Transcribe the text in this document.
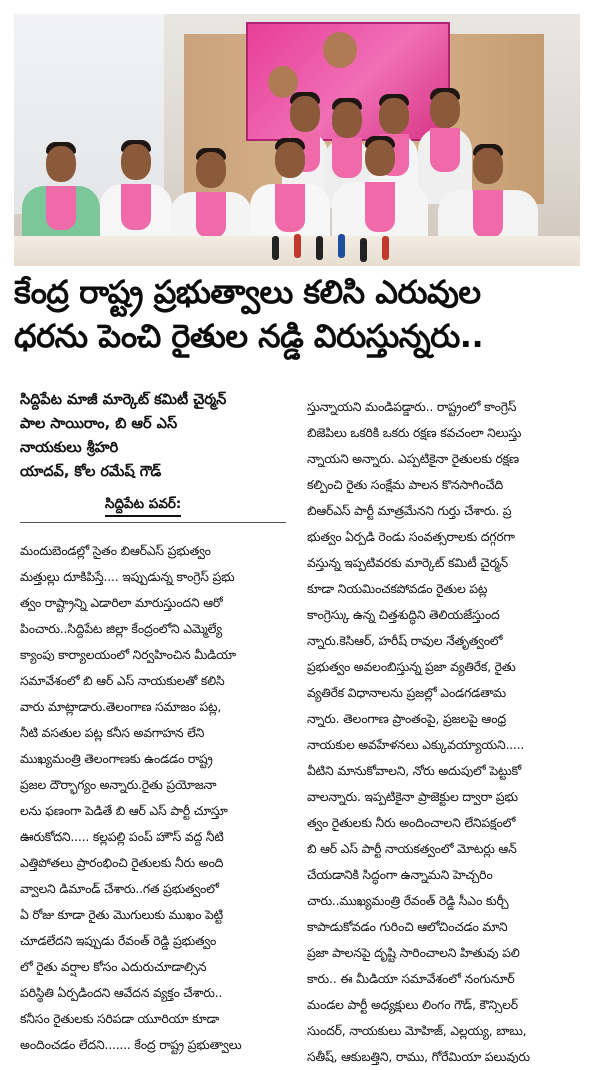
కేంద్ర రాష్ట్ర ప్రభుత్వాలు కలిసి ఎరువుల
ధరను పెంచి రైతుల నడ్డి విరుస్తున్నరు..
సిద్దిపేట మాజీ మార్కెట్ కమిటీ చైర్మన్
పాల సాయిరాం, బి ఆర్ ఎస్
నాయకులు శ్రీహరి
యాదవ్, కోల రమేష్ గౌడ్
సిద్దిపేట పవర్:
మందుబెండల్లో సైతం బిఆర్ఎస్ ప్రభుత్వం
మత్తుల్లు దూకిపిస్తే.... ఇప్పుడున్న కాంగ్రెస్ ప్రభు
త్వం రాష్ట్రాన్ని ఎడారిలా మారుస్తుందని ఆరో
పించారు..సిద్దిపేట జిల్లా కేంద్రంలోని ఎమ్మెల్యే
క్యాంపు కార్యాలయంలో నిర్వహించిన మీడియా
సమావేశంలో బి ఆర్ ఎస్ నాయకులతో కలిసి
వారు మాట్లాడారు.తెలంగాణ సమాజం పట్ల,
నీటి వసతుల పట్ల కనీస అవగాహన లేని
ముఖ్యమంత్రి తెలంగాణకు ఉండడం రాష్ట్ర
ప్రజల దౌర్భాగ్యం అన్నారు.రైతు ప్రయోజనా
లను ఫణంగా పెడితే బి ఆర్ ఎస్ పార్టీ చూస్తూ
ఊరుకోదని..... కల్లపల్లి పంప్ హౌస్ వద్ద నీటి
ఎత్తిపోతలు ప్రారంభించి రైతులకు నీరు అంది
వ్వాలని డిమాండ్ చేశారు..గత ప్రభుత్వంలో
ఏ రోజు కూడా రైతు మొగులుకు ముఖం పెట్టి
చూడలేదని ఇప్పుడు రేవంత్ రెడ్డి ప్రభుత్వం
లో రైతు వర్షాల కోసం ఎదురుచూడాల్సిన
పరిస్థితి ఏర్పడిందని ఆవేదన వ్యక్తం చేశారు..
కనీసం రైతులకు సరిపడా యూరియా కూడా
అందించడం లేదని....... కేంద్ర రాష్ట్ర ప్రభుత్వాలు
స్తున్నాయని మండిపడ్డారు.. రాష్ట్రంలో కాంగ్రెస్
బిజెపిలు ఒకరికి ఒకరు రక్షణ కవచంలా నిలుస్తు
న్నాయని అన్నారు. ఎప్పటికైనా రైతులకు రక్షణ
కల్పించి రైతు సంక్షేమ పాలన కొనసాగించేది
బిఆర్ఎస్ పార్టీ మాత్రమేనని గుర్తు చేశారు. ప్ర
భుత్వం ఏర్పడి రెండు సంవత్సరాలకు దగ్గరగా
వస్తున్న ఇప్పటివరకు మార్కెట్ కమిటీ చైర్మన్
కూడా నియమించకపోవడం రైతుల పట్ల
కాంగ్రెస్కు ఉన్న చిత్తశుద్ధిని తెలియజేస్తుంద
న్నారు.కెసిఆర్, హరీష్ రావుల నేతృత్వంలో
ప్రభుత్వం అవలంబిస్తున్న ప్రజా వ్యతిరేక, రైతు
వ్యతిరేక విధానాలను ప్రజల్లో ఎండగడతామ
న్నారు. తెలంగాణ ప్రాంతంపై, ప్రజలపై ఆంధ్ర
నాయకుల అవహేళనలు ఎక్కువయ్యాయని.....
వీటిని మానుకోవాలని, నోరు అదుపులో పెట్టుకో
వాలన్నారు. ఇప్పటికైనా ప్రాజెక్టుల ద్వారా ప్రభు
త్వం రైతులకు నీరు అందించాలని లేనిపక్షంలో
బి ఆర్ ఎస్ పార్టీ నాయకత్వంలో మోటర్లు ఆన్
చేయడానికి సిద్ధంగా ఉన్నామని హెచ్చరిం
చారు..ముఖ్యమంత్రి రేవంత్ రెడ్డి సీఎం కుర్చీ
కాపాడుకోవడం గురించి ఆలోచించడం మాని
ప్రజా పాలనపై దృష్టి సారించాలని హితువు పలి
కారు.. ఈ మీడియా సమావేశంలో నంగునూర్
మండల పార్టీ అధ్యక్షులు లింగం గౌడ్, కౌన్సిలర్
సుందర్, నాయకులు మోహిజ్, ఎల్లయ్య, బాబు,
సతీష్, ఆకుబత్తిని, రాము, గోరేమియా పలువురు
